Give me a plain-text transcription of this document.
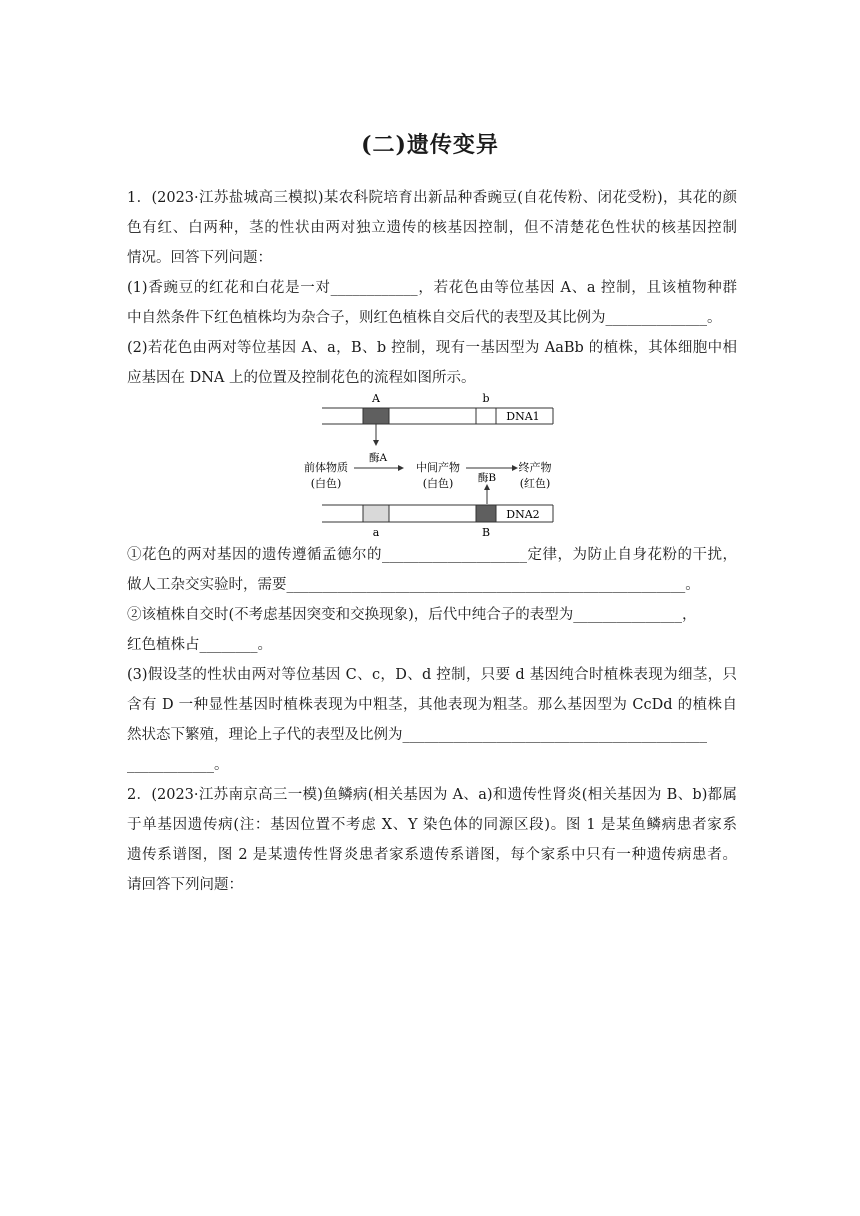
(二)遗传变异
1．(2023·江苏盐城高三模拟)某农科院培育出新品种香豌豆(自花传粉、闭花受粉)，其花的颜
色有红、白两种，茎的性状由两对独立遗传的核基因控制，但不清楚花色性状的核基因控制
情况。回答下列问题：
(1)香豌豆的红花和白花是一对____________，若花色由等位基因 A、a 控制，且该植物种群
中自然条件下红色植株均为杂合子，则红色植株自交后代的表型及其比例为______________。
(2)若花色由两对等位基因 A、a，B、b 控制，现有一基因型为 AaBb 的植株，其体细胞中相
应基因在 DNA 上的位置及控制花色的流程如图所示。
A	b
DNA1
前体物质
(白色)
酶A
中间产物
(白色) 酶B
终产物
(红色)
DNA2
a	B
①花色的两对基因的遗传遵循孟德尔的____________________定律，为防止自身花粉的干扰，
做人工杂交实验时，需要_______________________________________________________。
②该植株自交时(不考虑基因突变和交换现象)，后代中纯合子的表型为_______________，
红色植株占________。
(3)假设茎的性状由两对等位基因 C、c，D、d 控制，只要 d 基因纯合时植株表现为细茎，只
含有 D 一种显性基因时植株表现为中粗茎，其他表现为粗茎。那么基因型为 CcDd 的植株自
然状态下繁殖，理论上子代的表型及比例为__________________________________________
____________。
2．(2023·江苏南京高三一模)鱼鳞病(相关基因为 A、a)和遗传性肾炎(相关基因为 B、b)都属
于单基因遗传病(注：基因位置不考虑 X、Y 染色体的同源区段)。图 1 是某鱼鳞病患者家系
遗传系谱图，图 2 是某遗传性肾炎患者家系遗传系谱图，每个家系中只有一种遗传病患者。
请回答下列问题：
